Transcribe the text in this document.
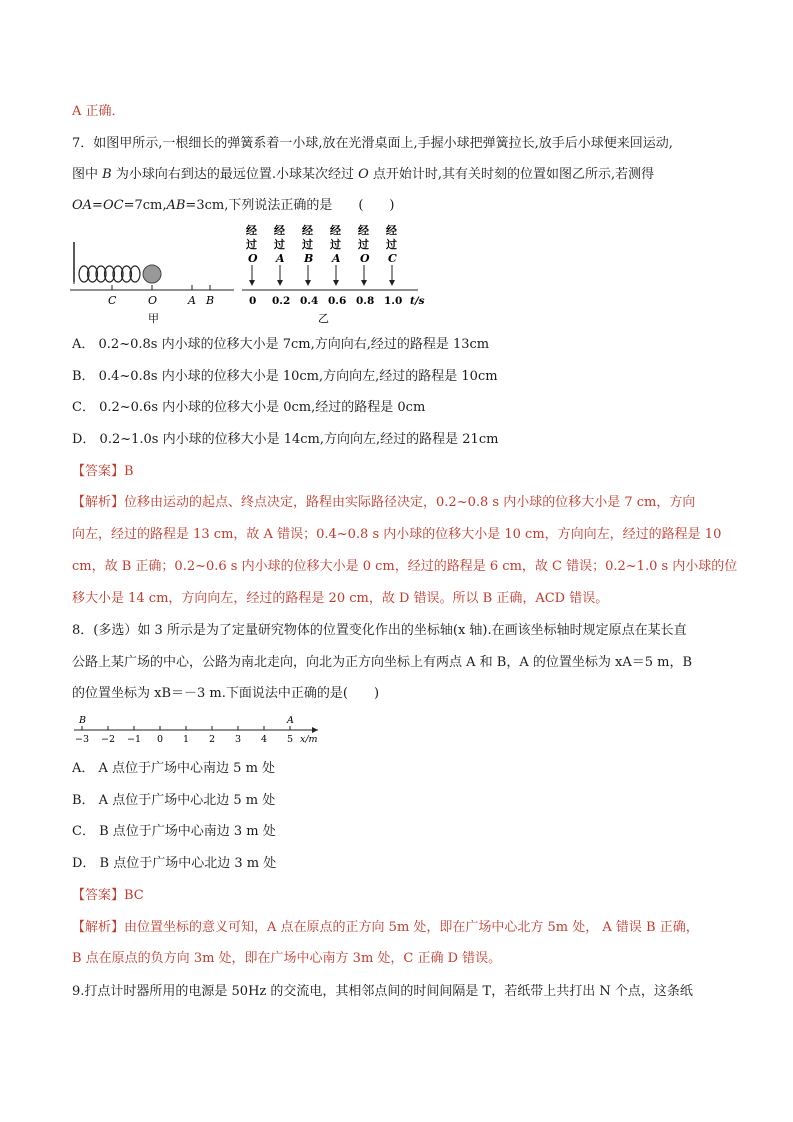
A 正确．
7．如图甲所示,一根细长的弹簧系着一小球,放在光滑桌面上,手握小球把弹簧拉长,放手后小球便来回运动,
图中 B 为小球向右到达的最远位置.小球某次经过 O 点开始计时,其有关时刻的位置如图乙所示,若测得
OA=OC=7cm,AB=3cm,下列说法正确的是　　(　　)
C	O	A B
甲
经
过
O
0
经
过
A
0.2
经
过
B
0.4
经
过
A
0.6
经
过
O
0.8
经
过
C
1.0 t/s
乙
A． 0.2~0.8s 内小球的位移大小是 7cm,方向向右,经过的路程是 13cm
B． 0.4~0.8s 内小球的位移大小是 10cm,方向向左,经过的路程是 10cm
C． 0.2~0.6s 内小球的位移大小是 0cm,经过的路程是 0cm
D． 0.2~1.0s 内小球的位移大小是 14cm,方向向左,经过的路程是 21cm
【答案】B
【解析】位移由运动的起点、终点决定，路程由实际路径决定，0.2~0.8 s 内小球的位移大小是 7 cm，方向
向左，经过的路程是 13 cm，故 A 错误；0.4~0.8 s 内小球的位移大小是 10 cm，方向向左，经过的路程是 10
cm，故 B 正确；0.2~0.6 s 内小球的位移大小是 0 cm，经过的路程是 6 cm，故 C 错误；0.2~1.0 s 内小球的位
移大小是 14 cm，方向向左，经过的路程是 20 cm，故 D 错误。所以 B 正确，ACD 错误。
8．(多选）如 3 所示是为了定量研究物体的位置变化作出的坐标轴(x 轴).在画该坐标轴时规定原点在某长直
公路上某广场的中心，公路为南北走向，向北为正方向坐标上有两点 A 和 B，A 的位置坐标为 xA＝5 m，B
的位置坐标为 xB＝－3 m.下面说法中正确的是(　　)
−3 −2 −1 0 1 2 3 4 5
B	A
x/m
A． A 点位于广场中心南边 5 m 处
B． A 点位于广场中心北边 5 m 处
C． B 点位于广场中心南边 3 m 处
D． B 点位于广场中心北边 3 m 处
【答案】BC
【解析】由位置坐标的意义可知，A 点在原点的正方向 5m 处，即在广场中心北方 5m 处， A 错误 B 正确，
B 点在原点的负方向 3m 处，即在广场中心南方 3m 处，C 正确 D 错误。
9.打点计时器所用的电源是 50Hz 的交流电，其相邻点间的时间间隔是 T，若纸带上共打出 N 个点，这条纸
